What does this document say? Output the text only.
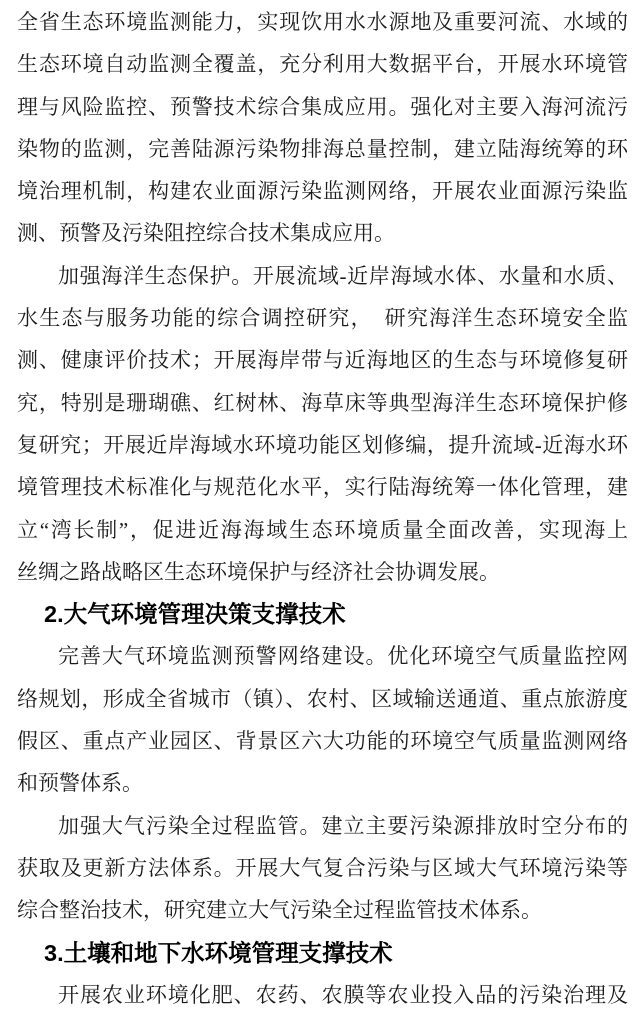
全省生态环境监测能力，实现饮用水水源地及重要河流、水域的
生态环境自动监测全覆盖，充分利用大数据平台，开展水环境管
理与风险监控、预警技术综合集成应用。强化对主要入海河流污
染物的监测，完善陆源污染物排海总量控制，建立陆海统筹的环
境治理机制，构建农业面源污染监测网络，开展农业面源污染监
测、预警及污染阻控综合技术集成应用。
加强海洋生态保护。开展流域-近岸海域水体、水量和水质、
水生态与服务功能的综合调控研究，　研究海洋生态环境安全监
测、健康评价技术；开展海岸带与近海地区的生态与环境修复研
究，特别是珊瑚礁、红树林、海草床等典型海洋生态环境保护修
复研究；开展近岸海域水环境功能区划修编，提升流域-近海水环
境管理技术标准化与规范化水平，实行陆海统筹一体化管理，建
立“湾长制”，促进近海海域生态环境质量全面改善，实现海上
丝绸之路战略区生态环境保护与经济社会协调发展。
2.大气环境管理决策支撑技术
完善大气环境监测预警网络建设。优化环境空气质量监控网
络规划，形成全省城市（镇）、农村、区域输送通道、重点旅游度
假区、重点产业园区、背景区六大功能的环境空气质量监测网络
和预警体系。
加强大气污染全过程监管。建立主要污染源排放时空分布的
获取及更新方法体系。开展大气复合污染与区域大气环境污染等
综合整治技术，研究建立大气污染全过程监管技术体系。
3.土壤和地下水环境管理支撑技术
开展农业环境化肥、农药、农膜等农业投入品的污染治理及
